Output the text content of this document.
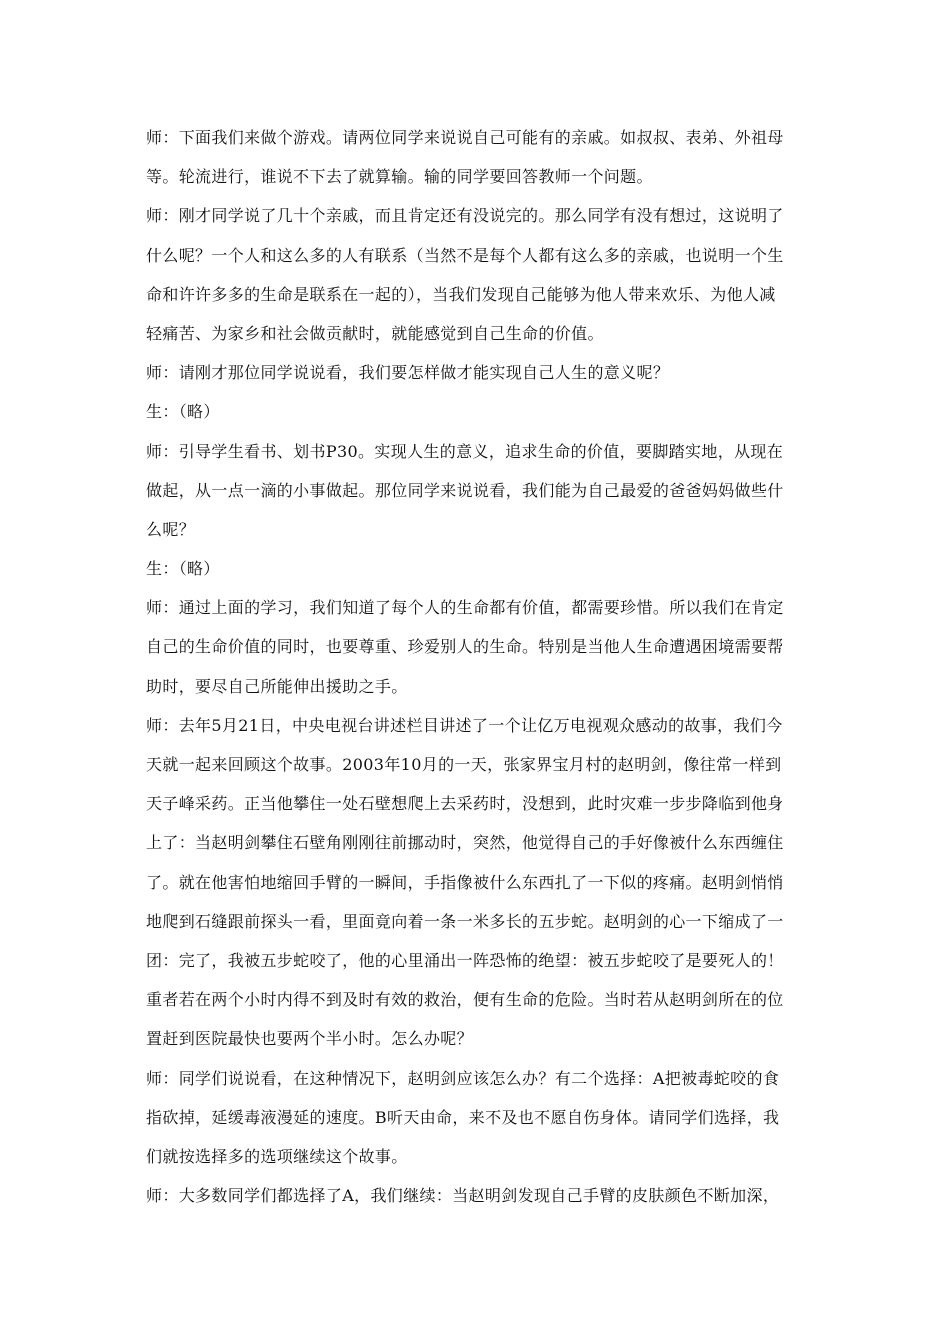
师：下面我们来做个游戏。请两位同学来说说自己可能有的亲戚。如叔叔、表弟、外祖母
等。轮流进行，谁说不下去了就算输。输的同学要回答教师一个问题。
师：刚才同学说了几十个亲戚，而且肯定还有没说完的。那么同学有没有想过，这说明了
什么呢？一个人和这么多的人有联系（当然不是每个人都有这么多的亲戚，也说明一个生
命和许许多多的生命是联系在一起的），当我们发现自己能够为他人带来欢乐、为他人减
轻痛苦、为家乡和社会做贡献时，就能感觉到自己生命的价值。
师：请刚才那位同学说说看，我们要怎样做才能实现自己人生的意义呢？
生：（略）
师：引导学生看书、划书P30。实现人生的意义，追求生命的价值，要脚踏实地，从现在
做起，从一点一滴的小事做起。那位同学来说说看，我们能为自己最爱的爸爸妈妈做些什
么呢？
生：（略）
师：通过上面的学习，我们知道了每个人的生命都有价值，都需要珍惜。所以我们在肯定
自己的生命价值的同时，也要尊重、珍爱别人的生命。特别是当他人生命遭遇困境需要帮
助时，要尽自己所能伸出援助之手。
师：去年5月21日，中央电视台讲述栏目讲述了一个让亿万电视观众感动的故事，我们今
天就一起来回顾这个故事。2003年10月的一天，张家界宝月村的赵明剑，像往常一样到
天子峰采药。正当他攀住一处石壁想爬上去采药时，没想到，此时灾难一步步降临到他身
上了：当赵明剑攀住石壁角刚刚往前挪动时，突然，他觉得自己的手好像被什么东西缠住
了。就在他害怕地缩回手臂的一瞬间，手指像被什么东西扎了一下似的疼痛。赵明剑悄悄
地爬到石缝跟前探头一看，里面竟向着一条一米多长的五步蛇。赵明剑的心一下缩成了一
团：完了，我被五步蛇咬了，他的心里涌出一阵恐怖的绝望：被五步蛇咬了是要死人的！
重者若在两个小时内得不到及时有效的救治，便有生命的危险。当时若从赵明剑所在的位
置赶到医院最快也要两个半小时。怎么办呢？
师：同学们说说看，在这种情况下，赵明剑应该怎么办？有二个选择：A把被毒蛇咬的食
指砍掉，延缓毒液漫延的速度。B听天由命，来不及也不愿自伤身体。请同学们选择，我
们就按选择多的选项继续这个故事。
师：大多数同学们都选择了A，我们继续：当赵明剑发现自己手臂的皮肤颜色不断加深，
